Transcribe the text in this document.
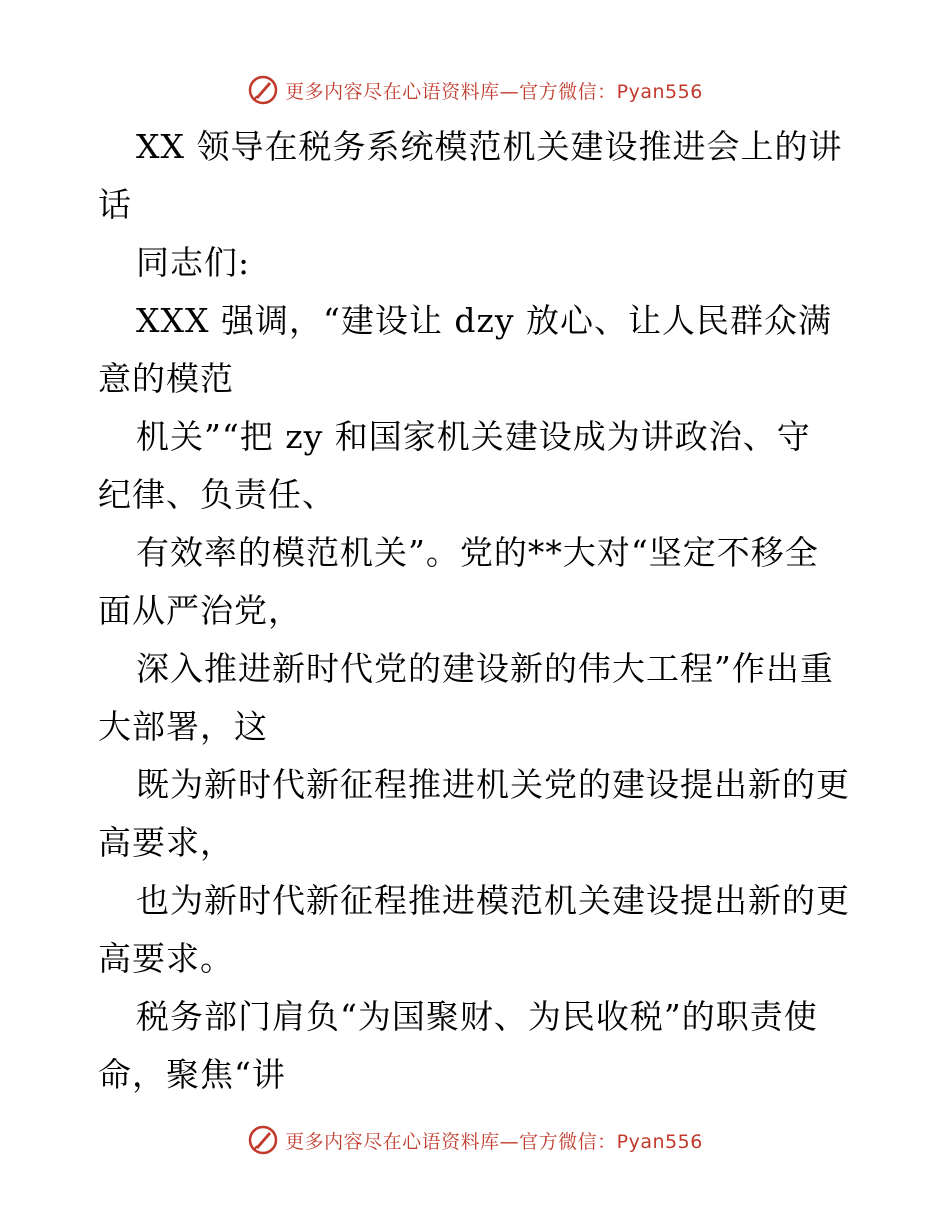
更多内容尽在心语资料库—官方微信：Pyan556
XX 领导在税务系统模范机关建设推进会上的讲
话
同志们:
XXX 强调，“建设让 dzy 放心、让人民群众满
意的模范
机关”“把 zy 和国家机关建设成为讲政治、守
纪律、负责任、
有效率的模范机关”。党的**大对“坚定不移全
面从严治党，
深入推进新时代党的建设新的伟大工程”作出重
大部署，这
既为新时代新征程推进机关党的建设提出新的更
高要求，
也为新时代新征程推进模范机关建设提出新的更
高要求。
税务部门肩负“为国聚财、为民收税”的职责使
命，聚焦“讲
更多内容尽在心语资料库—官方微信：Pyan556
